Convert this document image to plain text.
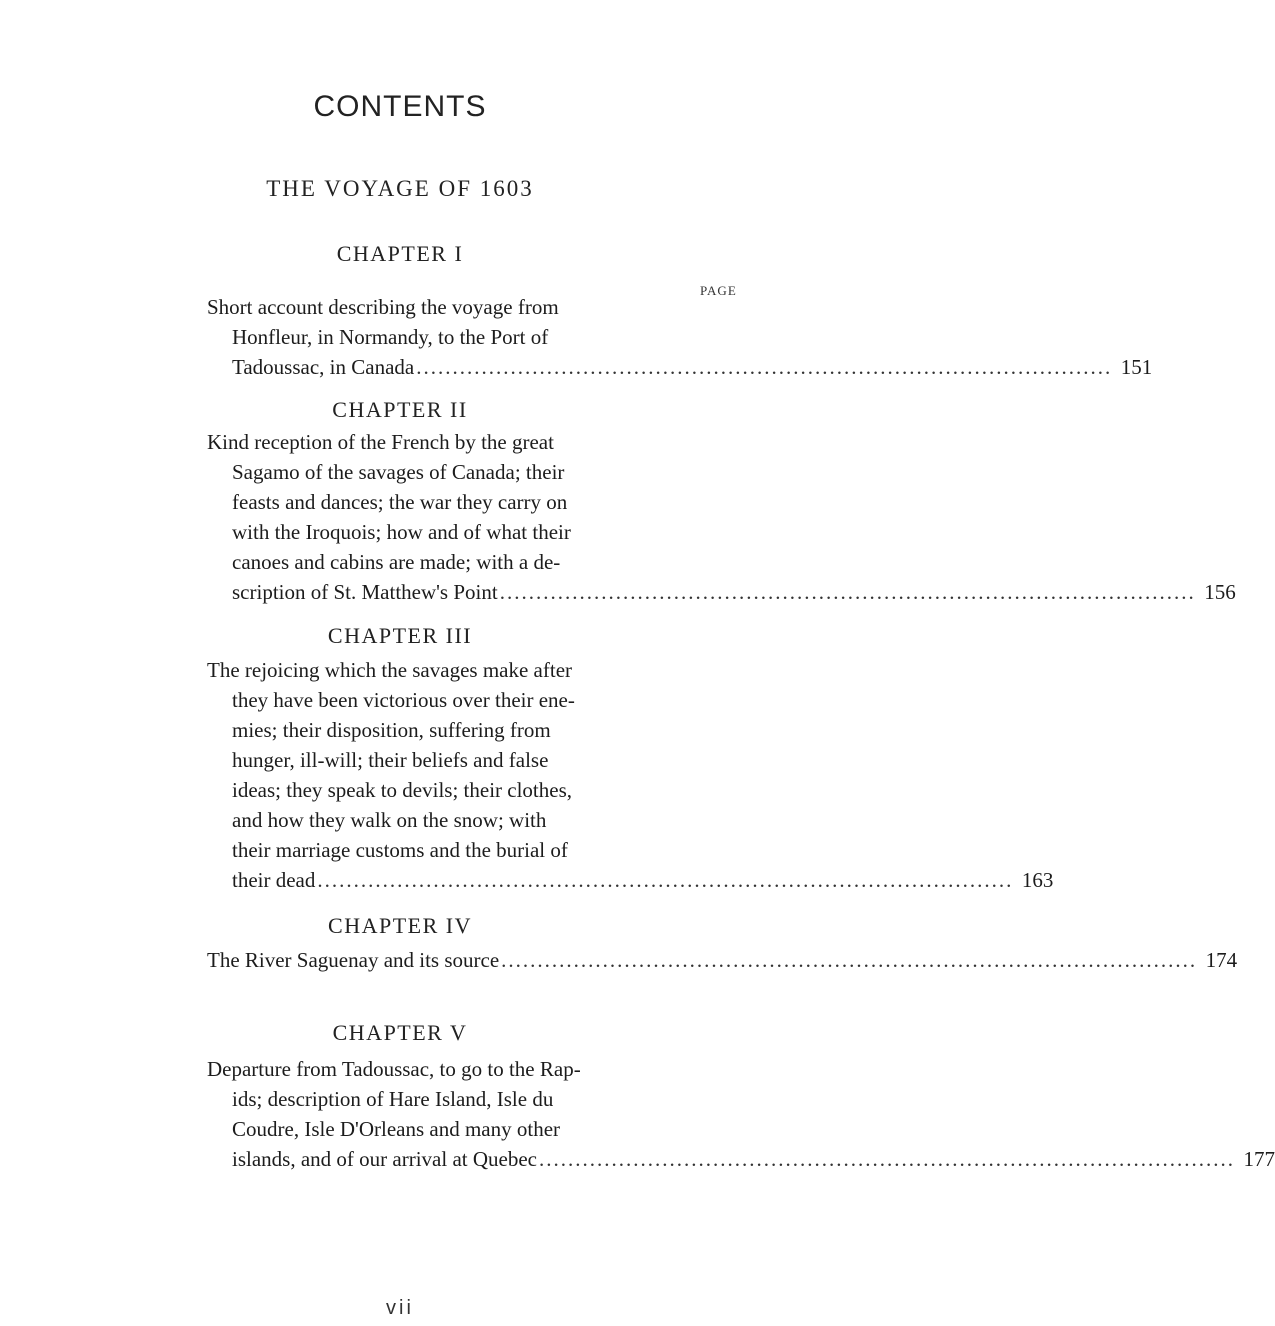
CONTENTS
THE VOYAGE OF 1603
CHAPTER I
PAGE
Short account describing the voyage from
Honfleur, in Normandy, to the Port of
Tadoussac, in Canada ................................................................................................ 151
CHAPTER II
Kind reception of the French by the great
Sagamo of the savages of Canada; their
feasts and dances; the war they carry on
with the Iroquois; how and of what their
canoes and cabins are made; with a de-
scription of St. Matthew's Point ................................................................................................ 156
CHAPTER III
The rejoicing which the savages make after
they have been victorious over their ene-
mies; their disposition, suffering from
hunger, ill-will; their beliefs and false
ideas; they speak to devils; their clothes,
and how they walk on the snow; with
their marriage customs and the burial of
their dead ................................................................................................ 163
CHAPTER IV
The River Saguenay and its source ................................................................................................ 174
CHAPTER V
Departure from Tadoussac, to go to the Rap-
ids; description of Hare Island, Isle du
Coudre, Isle D'Orleans and many other
islands, and of our arrival at Quebec ................................................................................................ 177
vii
